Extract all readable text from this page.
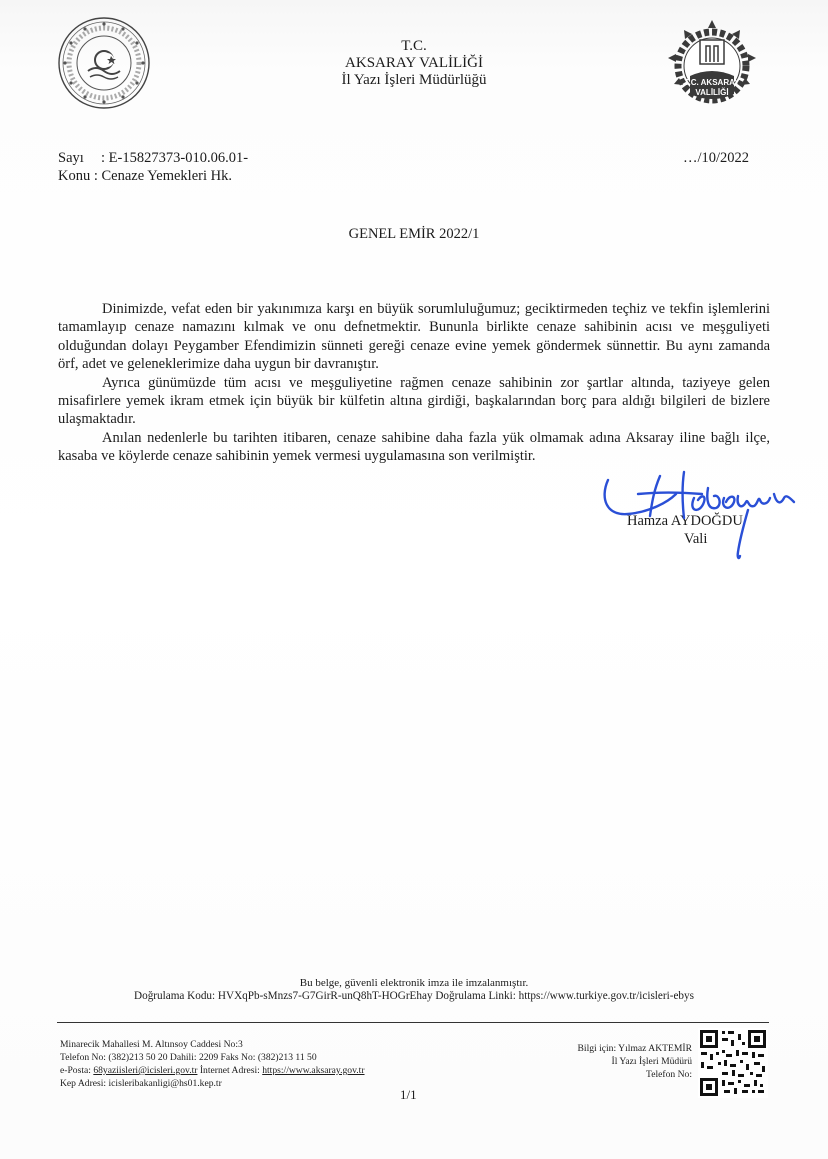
T.C.
AKSARAY VALİLİĞİ
İl Yazı İşleri Müdürlüğü	T.C. AKSARAY
VALİLİĞİ
Sayı : E-15827373-010.06.01-
Konu : Cenaze Yemekleri Hk.
…/10/2022
GENEL EMİR 2022/1

Dinimizde, vefat eden bir yakınımıza karşı en büyük sorumluluğumuz; geciktirmeden teçhiz ve tekfin işlemlerini tamamlayıp cenaze namazını kılmak ve onu defnetmektir. Bununla birlikte cenaze sahibinin acısı ve meşguliyeti olduğundan dolayı Peygamber Efendimizin sünneti gereği cenaze evine yemek göndermek sünnettir. Bu aynı zamanda örf, adet ve geleneklerimize daha uygun bir davranıştır.

Ayrıca günümüzde tüm acısı ve meşguliyetine rağmen cenaze sahibinin zor şartlar altında, taziyeye gelen misafirlere yemek ikram etmek için büyük bir külfetin altına girdiği, başkalarından borç para aldığı bilgileri de bizlere ulaşmaktadır.

Anılan nedenlerle bu tarihten itibaren, cenaze sahibine daha fazla yük olmamak adına Aksaray iline bağlı ilçe, kasaba ve köylerde cenaze sahibinin yemek vermesi uygulamasına son verilmiştir.

Hamza AYDOĞDU
Vali
Bu belge, güvenli elektronik imza ile imzalanmıştır.
Doğrulama Kodu: HVXqPb-sMnzs7-G7GirR-unQ8hT-HOGrEhay Doğrulama Linki: https://www.turkiye.gov.tr/icisleri-ebys
Minarecik Mahallesi M. Altınsoy Caddesi No:3
Telefon No: (382)213 50 20 Dahili: 2209 Faks No: (382)213 11 50
e-Posta: 68yaziisleri@icisleri.gov.tr İnternet Adresi: https://www.aksaray.gov.tr
Kep Adresi: icisleribakanligi@hs01.kep.tr
Bilgi için: Yılmaz AKTEMİR
İl Yazı İşleri Müdürü
Telefon No:
1/1
